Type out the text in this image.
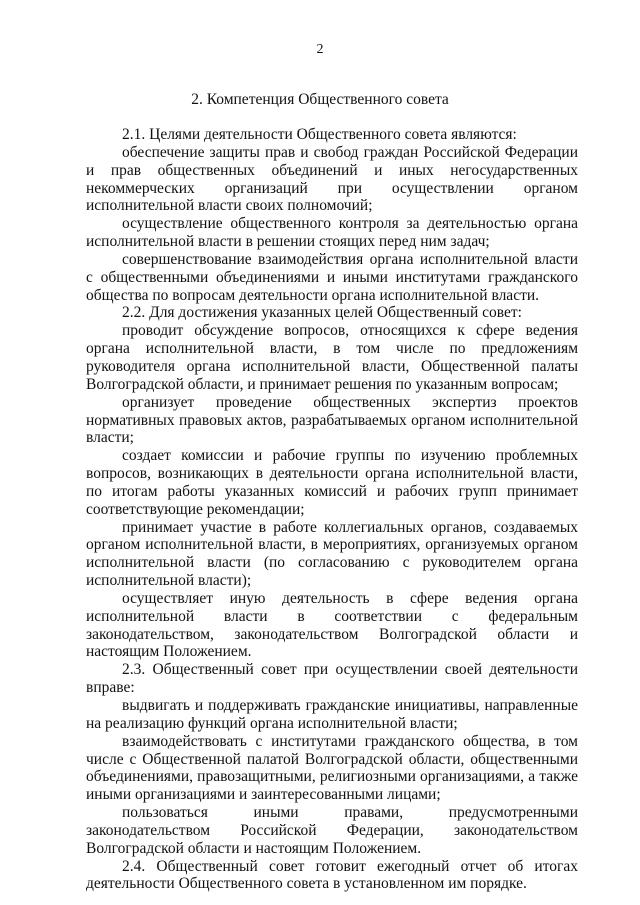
2
2. Компетенция Общественного совета

2.1. Целями деятельности Общественного совета являются:

обеспечение защиты прав и свобод граждан Российской Федерации и прав общественных объединений и иных негосударственных некоммерческих организаций при осуществлении органом исполнительной власти своих полномочий;

осуществление общественного контроля за деятельностью органа исполнительной власти в решении стоящих перед ним задач;

совершенствование взаимодействия органа исполнительной власти с общественными объединениями и иными институтами гражданского общества по вопросам деятельности органа исполнительной власти.

2.2. Для достижения указанных целей Общественный совет:

проводит обсуждение вопросов, относящихся к сфере ведения органа исполнительной власти, в том числе по предложениям руководителя органа исполнительной власти, Общественной палаты Волгоградской области, и принимает решения по указанным вопросам;

организует проведение общественных экспертиз проектов нормативных правовых актов, разрабатываемых органом исполнительной власти;

создает комиссии и рабочие группы по изучению проблемных вопросов, возникающих в деятельности органа исполнительной власти, по итогам работы указанных комиссий и рабочих групп принимает соответствующие рекомендации;

принимает участие в работе коллегиальных органов, создаваемых органом исполнительной власти, в мероприятиях, организуемых органом исполнительной власти (по согласованию с руководителем органа исполнительной власти);

осуществляет иную деятельность в сфере ведения органа исполнительной власти в соответствии с федеральным законодательством, законодательством Волгоградской области и настоящим Положением.

2.3. Общественный совет при осуществлении своей деятельности вправе:

выдвигать и поддерживать гражданские инициативы, направленные на реализацию функций органа исполнительной власти;

взаимодействовать с институтами гражданского общества, в том числе с Общественной палатой Волгоградской области, общественными объединениями, правозащитными, религиозными организациями, а также иными организациями и заинтересованными лицами;

пользоваться иными правами, предусмотренными законодательством Российской Федерации, законодательством Волгоградской области и настоящим Положением.

2.4. Общественный совет готовит ежегодный отчет об итогах деятельности Общественного совета в установленном им порядке.
